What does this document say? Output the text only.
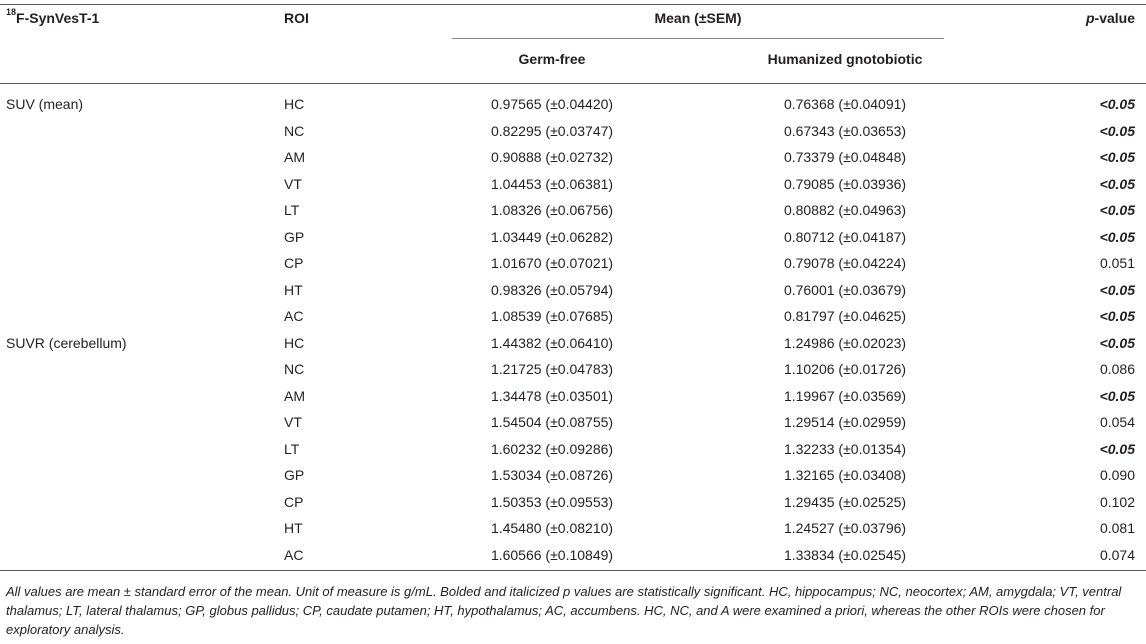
$^{18}$F-SynVesT-1	ROI	Mean (±SEM)	p-value
Germ-free	Humanized gnotobiotic
SUV (mean)	HC	0.97565 (±0.04420)	0.76368 (±0.04091)	<0.05
NC	0.82295 (±0.03747)	0.67343 (±0.03653)	<0.05
AM	0.90888 (±0.02732)	0.73379 (±0.04848)	<0.05
VT	1.04453 (±0.06381)	0.79085 (±0.03936)	<0.05
LT	1.08326 (±0.06756)	0.80882 (±0.04963)	<0.05
GP	1.03449 (±0.06282)	0.80712 (±0.04187)	<0.05
CP	1.01670 (±0.07021)	0.79078 (±0.04224)	0.051
HT	0.98326 (±0.05794)	0.76001 (±0.03679)	<0.05
AC	1.08539 (±0.07685)	0.81797 (±0.04625)	<0.05
SUVR (cerebellum)	HC	1.44382 (±0.06410)	1.24986 (±0.02023)	<0.05
NC	1.21725 (±0.04783)	1.10206 (±0.01726)	0.086
AM	1.34478 (±0.03501)	1.19967 (±0.03569)	<0.05
VT	1.54504 (±0.08755)	1.29514 (±0.02959)	0.054
LT	1.60232 (±0.09286)	1.32233 (±0.01354)	<0.05
GP	1.53034 (±0.08726)	1.32165 (±0.03408)	0.090
CP	1.50353 (±0.09553)	1.29435 (±0.02525)	0.102
HT	1.45480 (±0.08210)	1.24527 (±0.03796)	0.081
AC	1.60566 (±0.10849)	1.33834 (±0.02545)	0.074
All values are mean ± standard error of the mean. Unit of measure is g/mL. Bolded and italicized p values are statistically significant. HC, hippocampus; NC, neocortex; AM, amygdala; VT, ventral thalamus; LT, lateral thalamus; GP, globus pallidus; CP, caudate putamen; HT, hypothalamus; AC, accumbens. HC, NC, and A were examined a priori, whereas the other ROIs were chosen for exploratory analysis.
